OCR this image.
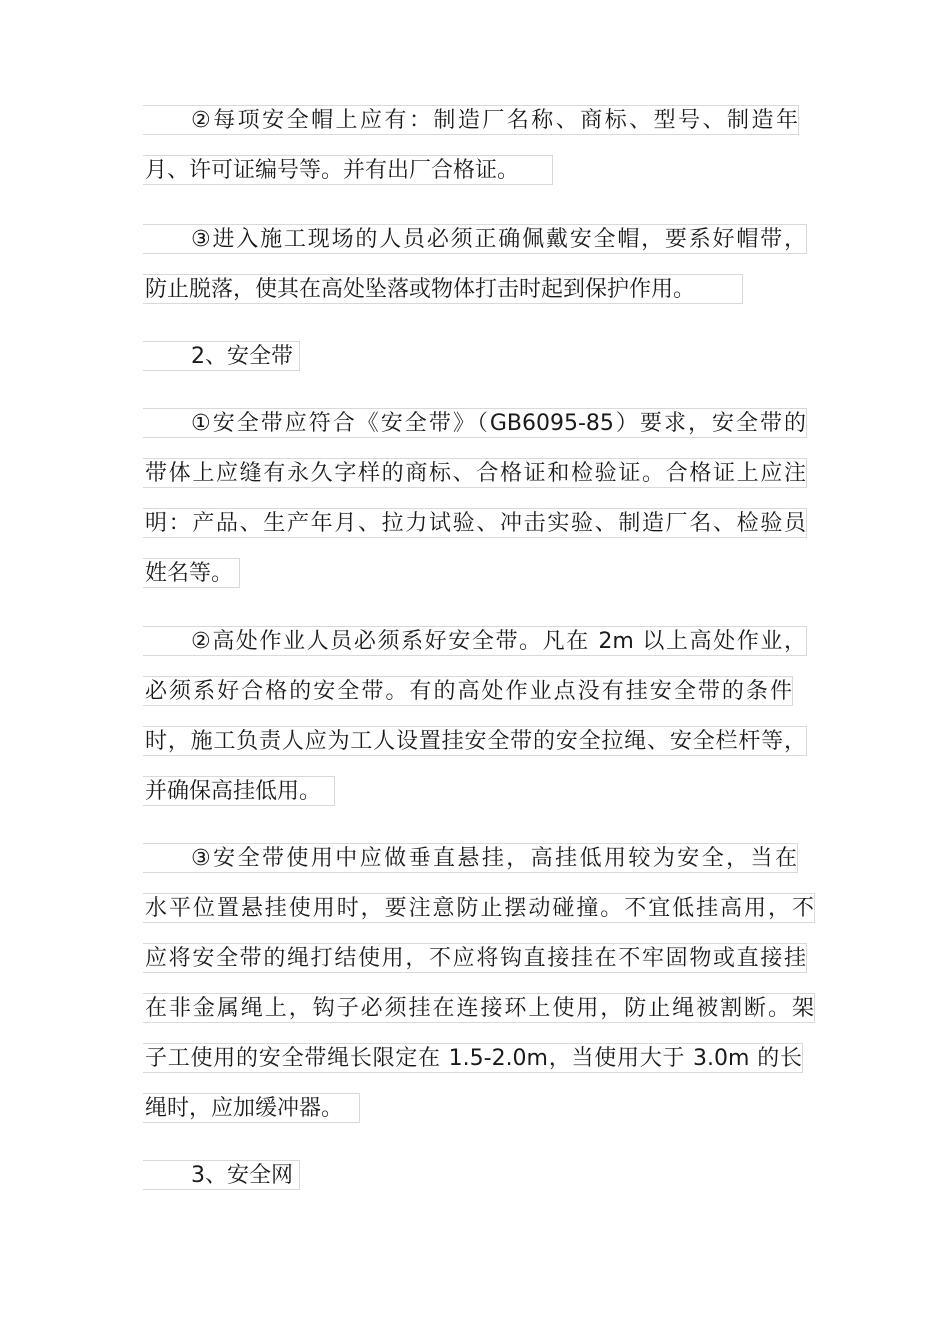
②每项安全帽上应有：制造厂名称、商标、型号、制造年
月、许可证编号等。并有出厂合格证。
③进入施工现场的人员必须正确佩戴安全帽，要系好帽带，
防止脱落，使其在高处坠落或物体打击时起到保护作用。
2、安全带
①安全带应符合《安全带》（GB6095-85）要求，安全带的
带体上应缝有永久字样的商标、合格证和检验证。合格证上应注
明：产品、生产年月、拉力试验、冲击实验、制造厂名、检验员
姓名等。
②高处作业人员必须系好安全带。凡在 2m 以上高处作业，
必须系好合格的安全带。有的高处作业点没有挂安全带的条件
时，施工负责人应为工人设置挂安全带的安全拉绳、安全栏杆等，
并确保高挂低用。
③安全带使用中应做垂直悬挂，高挂低用较为安全，当在
水平位置悬挂使用时，要注意防止摆动碰撞。不宜低挂高用，不
应将安全带的绳打结使用，不应将钩直接挂在不牢固物或直接挂
在非金属绳上，钩子必须挂在连接环上使用，防止绳被割断。架
子工使用的安全带绳长限定在 1.5-2.0m，当使用大于 3.0m 的长
绳时，应加缓冲器。
3、安全网
